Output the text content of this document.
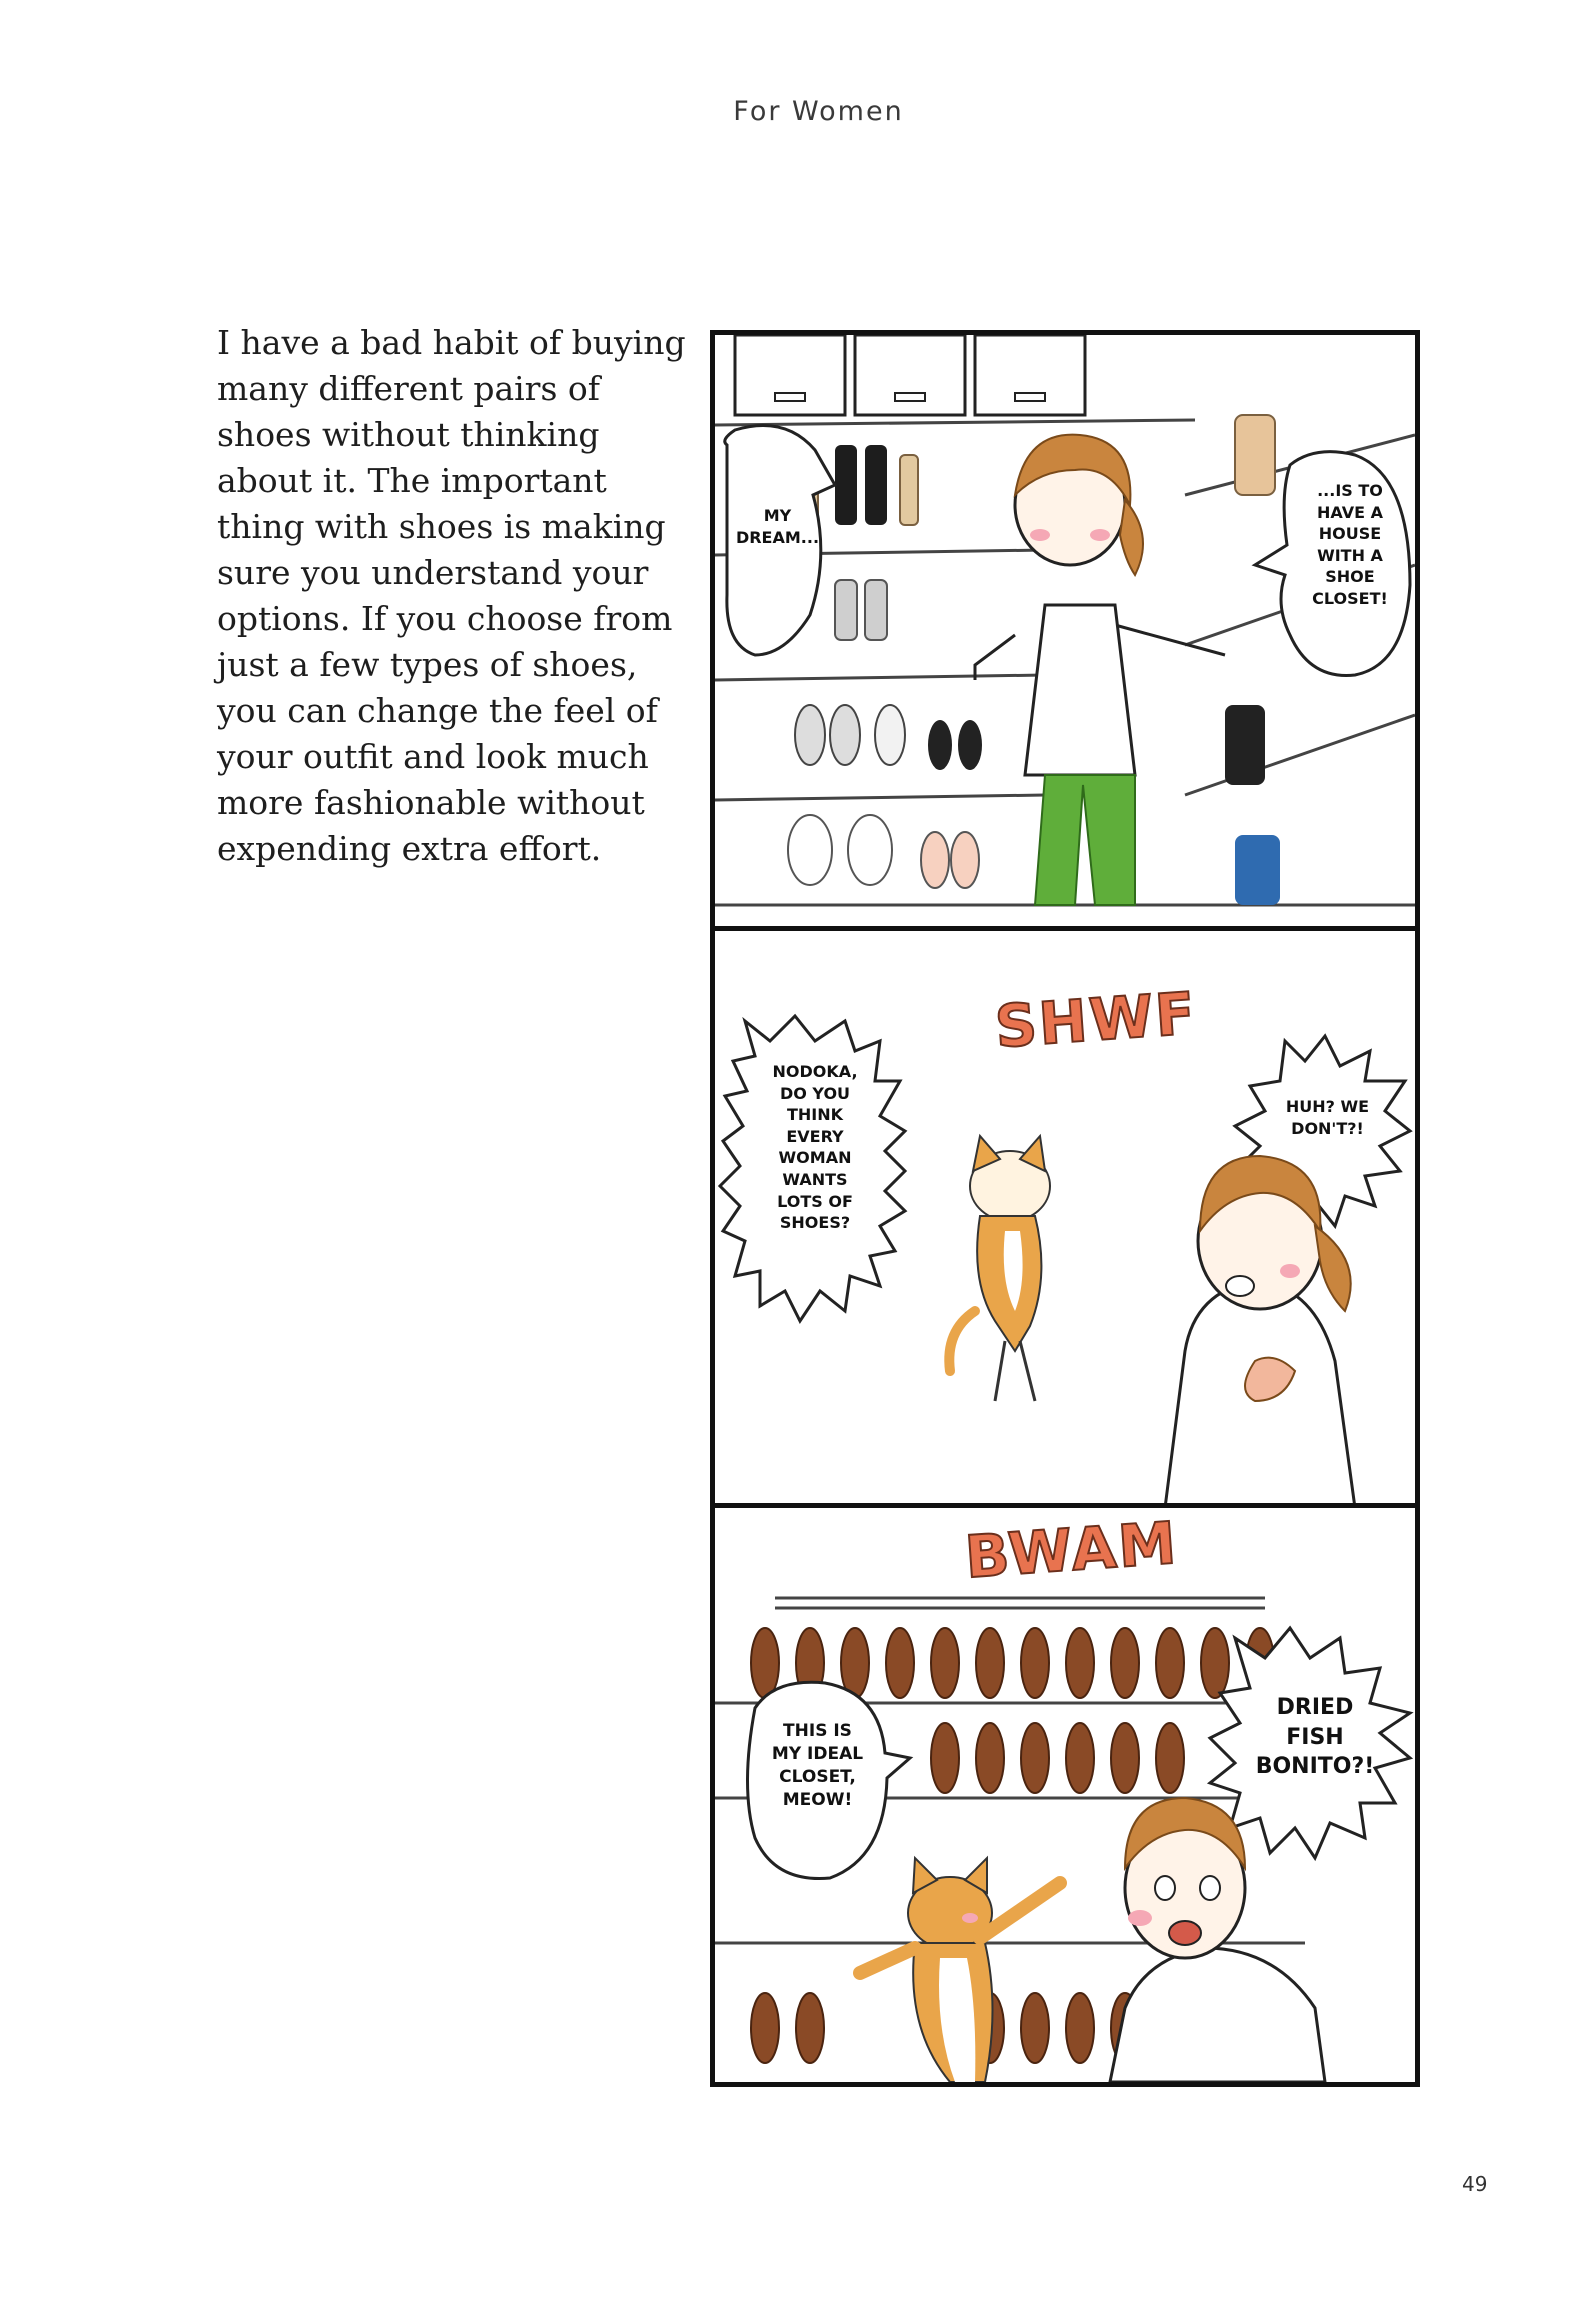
For Women
I have a bad habit of buying
many different pairs of
shoes without thinking
about it. The important
thing with shoes is making
sure you understand your
options. If you choose from
just a few types of shoes,
you can change the feel of
your outfit and look much
more fashionable without
expending extra effort.
MY
DREAM...
...IS TO
HAVE A
HOUSE
WITH A
SHOE
CLOSET!
SHWF
NODOKA,
DO YOU
THINK
EVERY
WOMAN
WANTS
LOTS OF
SHOES?
HUH? WE
DON'T?!
BWAM
THIS IS
MY IDEAL
CLOSET,
MEOW!
DRIED
FISH
BONITO?!
49
